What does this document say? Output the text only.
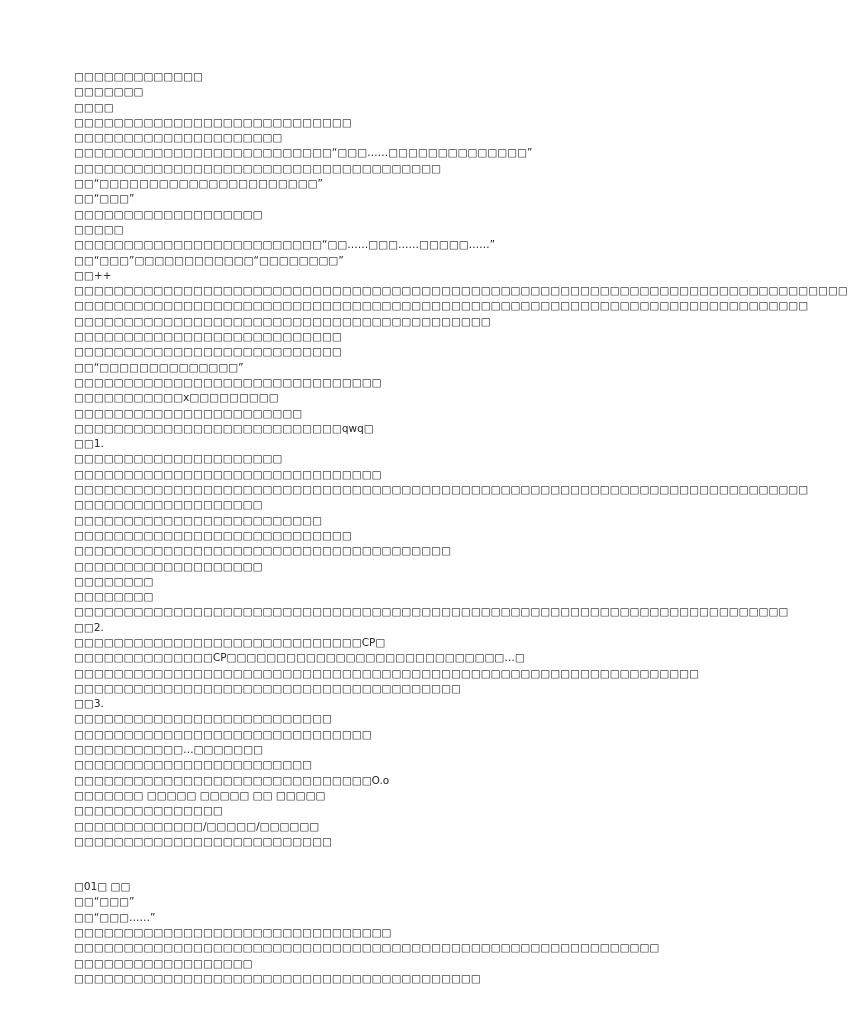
□□□□□□□□□□□□□
□□□□□□□
□□□□
□□□□□□□□□□□□□□□□□□□□□□□□□□□□
□□□□□□□□□□□□□□□□□□□□□
□□□□□□□□□□□□□□□□□□□□□□□□□□“□□□……□□□□□□□□□□□□□□”
□□□□□□□□□□□□□□□□□□□□□□□□□□□□□□□□□□□□□
□□“□□□□□□□□□□□□□□□□□□□□□□”
□□“□□□”
□□□□□□□□□□□□□□□□□□□
□□□□□
□□□□□□□□□□□□□□□□□□□□□□□□□“□□……□□□……□□□□□……”
□□“□□□”□□□□□□□□□□□□“□□□□□□□□”
□□++
□□□□□□□□□□□□□□□□□□□□□□□□□□□□□□□□□□□□□□□□□□□□□□□□□□□□□□□□□□□□□□□□□□□□□□□□□□□□□□
□□□□□□□□□□□□□□□□□□□□□□□□□□□□□□□□□□□□□□□□□□□□□□□□□□□□□□□□□□□□□□□□□□□□□□□□□□
□□□□□□□□□□□□□□□□□□□□□□□□□□□□□□□□□□□□□□□□□□
□□□□□□□□□□□□□□□□□□□□□□□□□□□
□□□□□□□□□□□□□□□□□□□□□□□□□□□
□□“□□□□□□□□□□□□□□”
□□□□□□□□□□□□□□□□□□□□□□□□□□□□□□□
□□□□□□□□□□□x□□□□□□□□□
□□□□□□□□□□□□□□□□□□□□□□□
□□□□□□□□□□□□□□□□□□□□□□□□□□□qwq□
□□1.
□□□□□□□□□□□□□□□□□□□□□
□□□□□□□□□□□□□□□□□□□□□□□□□□□□□□□
□□□□□□□□□□□□□□□□□□□□□□□□□□□□□□□□□□□□□□□□□□□□□□□□□□□□□□□□□□□□□□□□□□□□□□□□□□
□□□□□□□□□□□□□□□□□□□
□□□□□□□□□□□□□□□□□□□□□□□□□
□□□□□□□□□□□□□□□□□□□□□□□□□□□□
□□□□□□□□□□□□□□□□□□□□□□□□□□□□□□□□□□□□□□
□□□□□□□□□□□□□□□□□□□
□□□□□□□□
□□□□□□□□
□□□□□□□□□□□□□□□□□□□□□□□□□□□□□□□□□□□□□□□□□□□□□□□□□□□□□□□□□□□□□□□□□□□□□□□□
□□2.
□□□□□□□□□□□□□□□□□□□□□□□□□□□□□CP□
□□□□□□□□□□□□□□CP□□□□□□□□□□□□□□□□□□□□□□□□□□□□…□
□□□□□□□□□□□□□□□□□□□□□□□□□□□□□□□□□□□□□□□□□□□□□□□□□□□□□□□□□□□□□□□
□□□□□□□□□□□□□□□□□□□□□□□□□□□□□□□□□□□□□□□
□□3.
□□□□□□□□□□□□□□□□□□□□□□□□□□
□□□□□□□□□□□□□□□□□□□□□□□□□□□□□□
□□□□□□□□□□□…□□□□□□□
□□□□□□□□□□□□□□□□□□□□□□□□
□□□□□□□□□□□□□□□□□□□□□□□□□□□□□□O.o
□□□□□□□ □□□□□ □□□□□ □□ □□□□□
□□□□□□□□□□□□□□□
□□□□□□□□□□□□□/□□□□□/□□□□□□
□□□□□□□□□□□□□□□□□□□□□□□□□□
□01□ □□
□□“□□□”
□□“□□□……”
□□□□□□□□□□□□□□□□□□□□□□□□□□□□□□□□
□□□□□□□□□□□□□□□□□□□□□□□□□□□□□□□□□□□□□□□□□□□□□□□□□□□□□□□□□□□
□□□□□□□□□□□□□□□□□□
□□□□□□□□□□□□□□□□□□□□□□□□□□□□□□□□□□□□□□□□□
